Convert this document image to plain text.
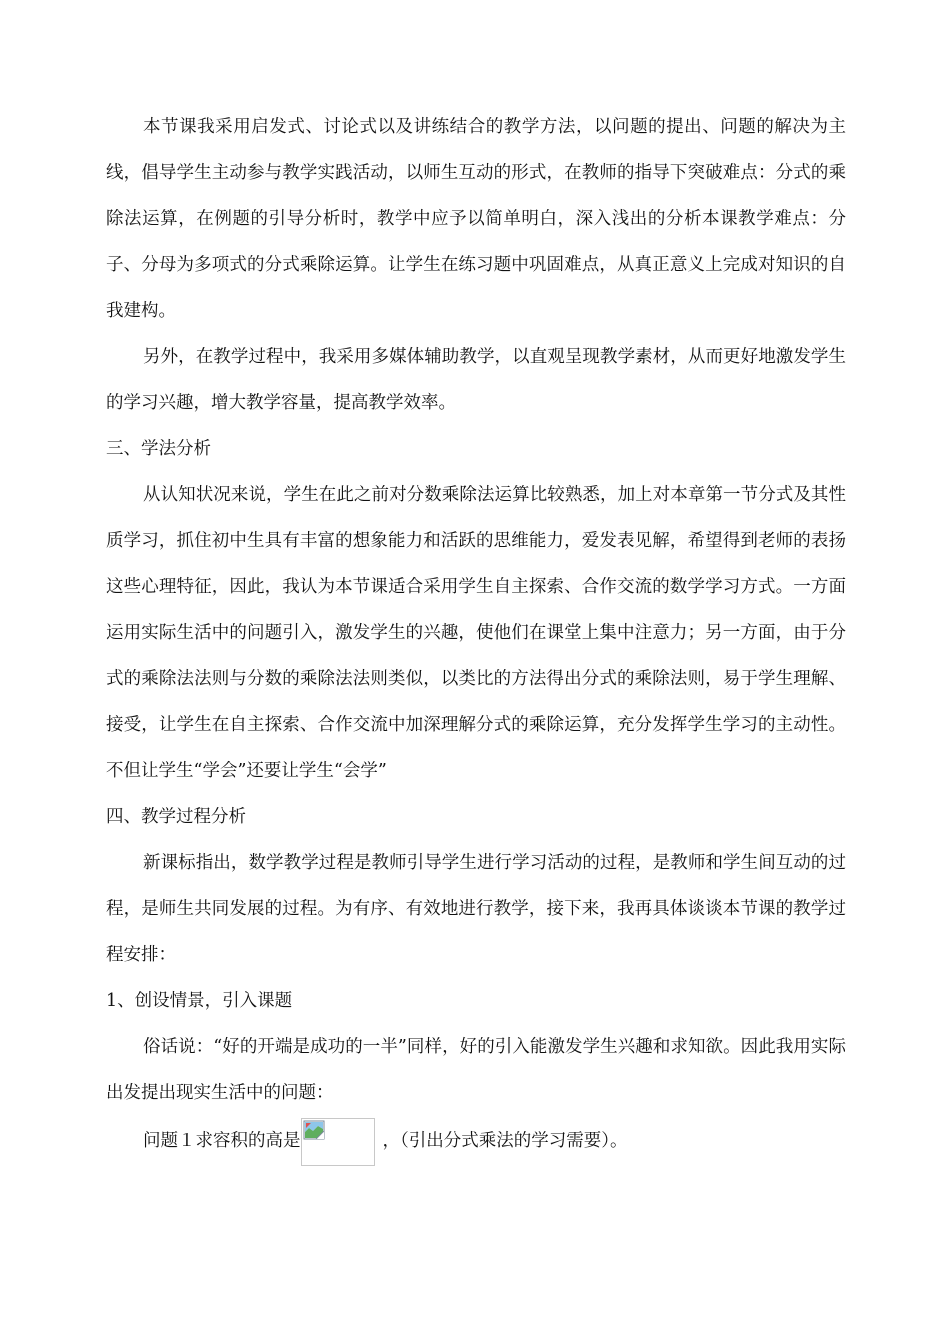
本节课我采用启发式、讨论式以及讲练结合的教学方法，以问题的提出、问题的解决为主线，倡导学生主动参与教学实践活动，以师生互动的形式，在教师的指导下突破难点：分式的乘除法运算，在例题的引导分析时，教学中应予以简单明白，深入浅出的分析本课教学难点：分子、分母为多项式的分式乘除运算。让学生在练习题中巩固难点，从真正意义上完成对知识的自我建构。

另外，在教学过程中，我采用多媒体辅助教学，以直观呈现教学素材，从而更好地激发学生的学习兴趣，增大教学容量，提高教学效率。

三、学法分析

从认知状况来说，学生在此之前对分数乘除法运算比较熟悉，加上对本章第一节分式及其性质学习，抓住初中生具有丰富的想象能力和活跃的思维能力，爱发表见解，希望得到老师的表扬这些心理特征，因此，我认为本节课适合采用学生自主探索、合作交流的数学学习方式。一方面运用实际生活中的问题引入，激发学生的兴趣，使他们在课堂上集中注意力；另一方面，由于分式的乘除法法则与分数的乘除法法则类似，以类比的方法得出分式的乘除法则，易于学生理解、接受，让学生在自主探索、合作交流中加深理解分式的乘除运算，充分发挥学生学习的主动性。不但让学生“学会”还要让学生“会学”

四、教学过程分析

新课标指出，数学教学过程是教师引导学生进行学习活动的过程，是教师和学生间互动的过程，是师生共同发展的过程。为有序、有效地进行教学，接下来，我再具体谈谈本节课的教学过程安排：

1、创设情景，引入课题

俗话说：“好的开端是成功的一半”同样，好的引入能激发学生兴趣和求知欲。因此我用实际出发提出现实生活中的问题：

问题１求容积的高是	，（引出分式乘法的学习需要）。
